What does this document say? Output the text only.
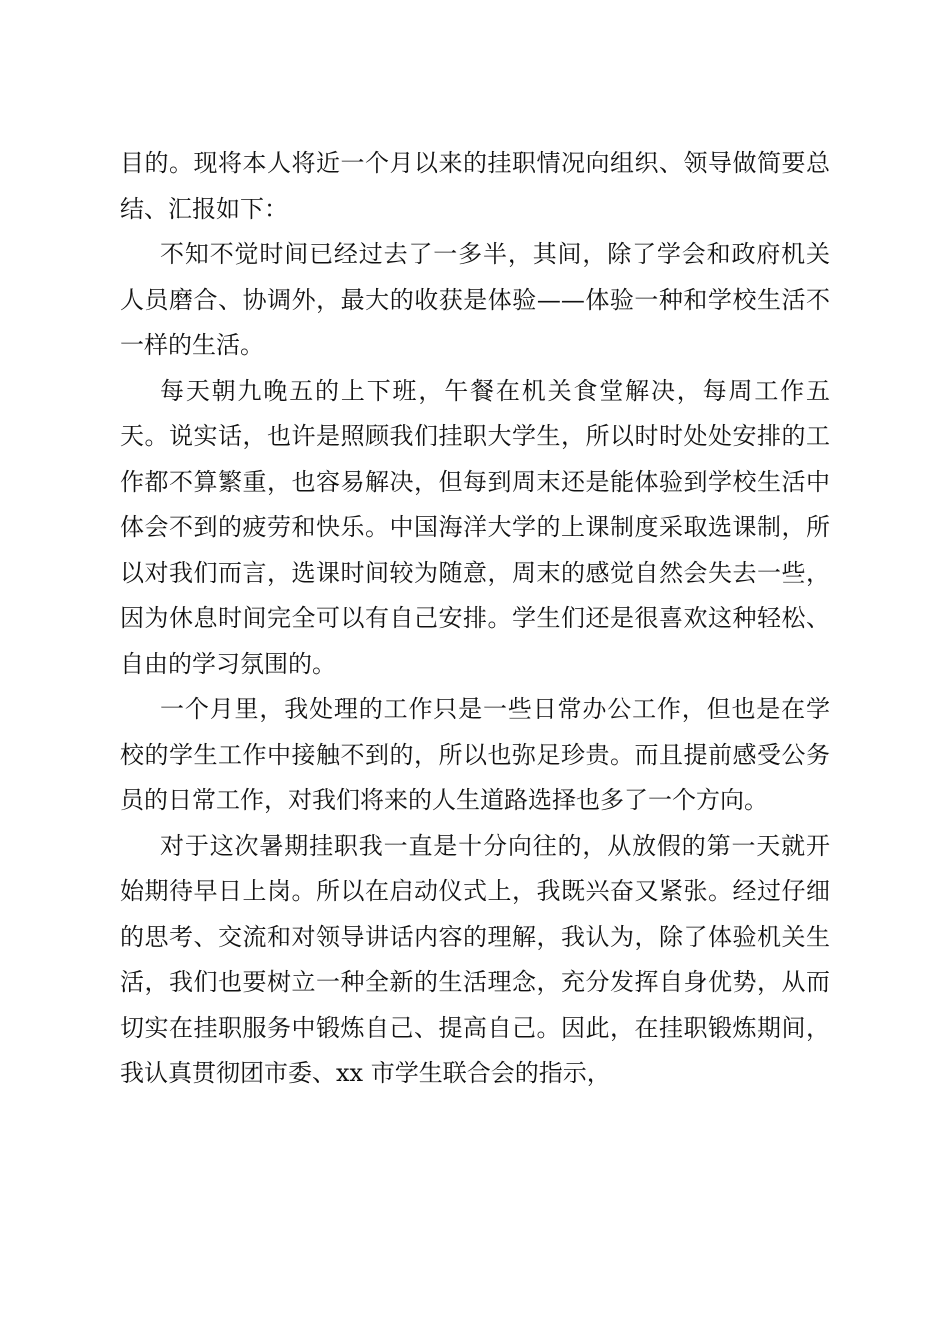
目的。现将本人将近一个月以来的挂职情况向组织、领导做简要总结、汇报如下：

不知不觉时间已经过去了一多半，其间，除了学会和政府机关人员磨合、协调外，最大的收获是体验——体验一种和学校生活不一样的生活。

每天朝九晚五的上下班，午餐在机关食堂解决，每周工作五天。说实话，也许是照顾我们挂职大学生，所以时时处处安排的工作都不算繁重，也容易解决，但每到周末还是能体验到学校生活中体会不到的疲劳和快乐。中国海洋大学的上课制度采取选课制，所以对我们而言，选课时间较为随意，周末的感觉自然会失去一些，因为休息时间完全可以有自己安排。学生们还是很喜欢这种轻松、自由的学习氛围的。

一个月里，我处理的工作只是一些日常办公工作，但也是在学校的学生工作中接触不到的，所以也弥足珍贵。而且提前感受公务员的日常工作，对我们将来的人生道路选择也多了一个方向。

对于这次暑期挂职我一直是十分向往的，从放假的第一天就开始期待早日上岗。所以在启动仪式上，我既兴奋又紧张。经过仔细的思考、交流和对领导讲话内容的理解，我认为，除了体验机关生活，我们也要树立一种全新的生活理念，充分发挥自身优势，从而切实在挂职服务中锻炼自己、提高自己。因此，在挂职锻炼期间，我认真贯彻团市委、xx 市学生联合会的指示，
